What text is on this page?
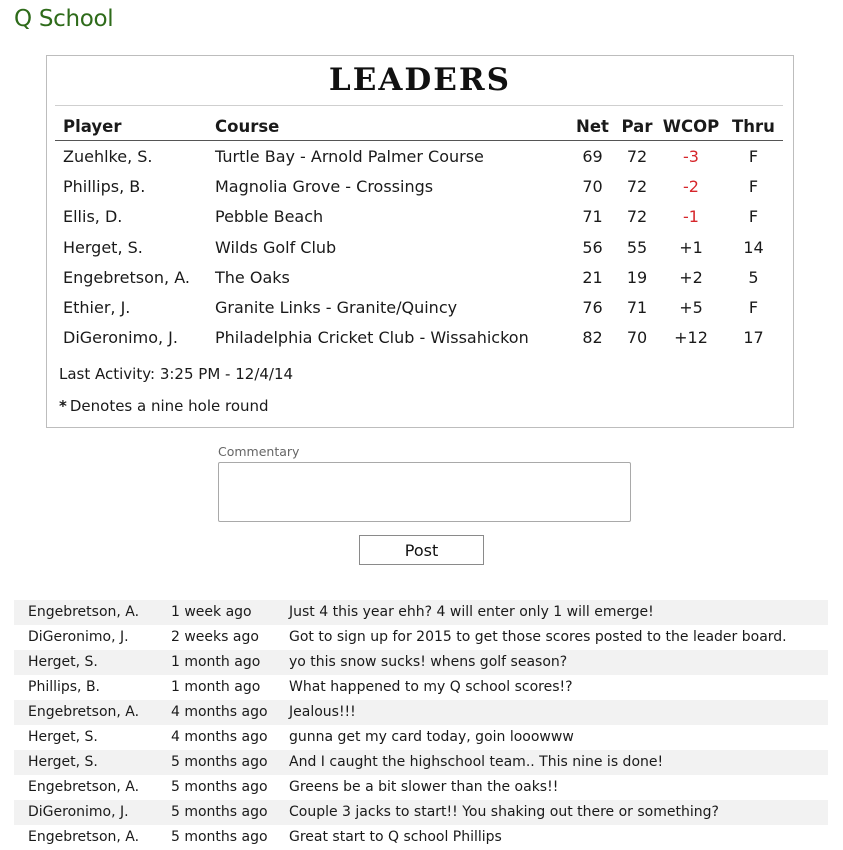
Q School
LEADERS
Player	Course	Net	Par	WCOP	Thru
Zuehlke, S.	Turtle Bay - Arnold Palmer Course	69	72	-3	F
Phillips, B.	Magnolia Grove - Crossings	70	72	-2	F
Ellis, D.	Pebble Beach	71	72	-1	F
Herget, S.	Wilds Golf Club	56	55	+1	14
Engebretson, A.	The Oaks	21	19	+2	5
Ethier, J.	Granite Links - Granite/Quincy	76	71	+5	F
DiGeronimo, J.	Philadelphia Cricket Club - Wissahickon	82	70	+12	17
Last Activity: 3:25 PM - 12/4/14
* Denotes a nine hole round
Commentary
Post
Engebretson, A. 1 week ago	Just 4 this year ehh? 4 will enter only 1 will emerge!
DiGeronimo, J.	2 weeks ago Got to sign up for 2015 to get those scores posted to the leader board.
Herget, S.	1 month ago yo this snow sucks! whens golf season?
Phillips, B.	1 month ago What happened to my Q school scores!?
Engebretson, A. 4 months ago Jealous!!!
Herget, S.	4 months ago gunna get my card today, goin looowww
Herget, S.	5 months ago And I caught the highschool team.. This nine is done!
Engebretson, A. 5 months ago Greens be a bit slower than the oaks!!
DiGeronimo, J.	5 months ago Couple 3 jacks to start!! You shaking out there or something?
Engebretson, A. 5 months ago Great start to Q school Phillips
